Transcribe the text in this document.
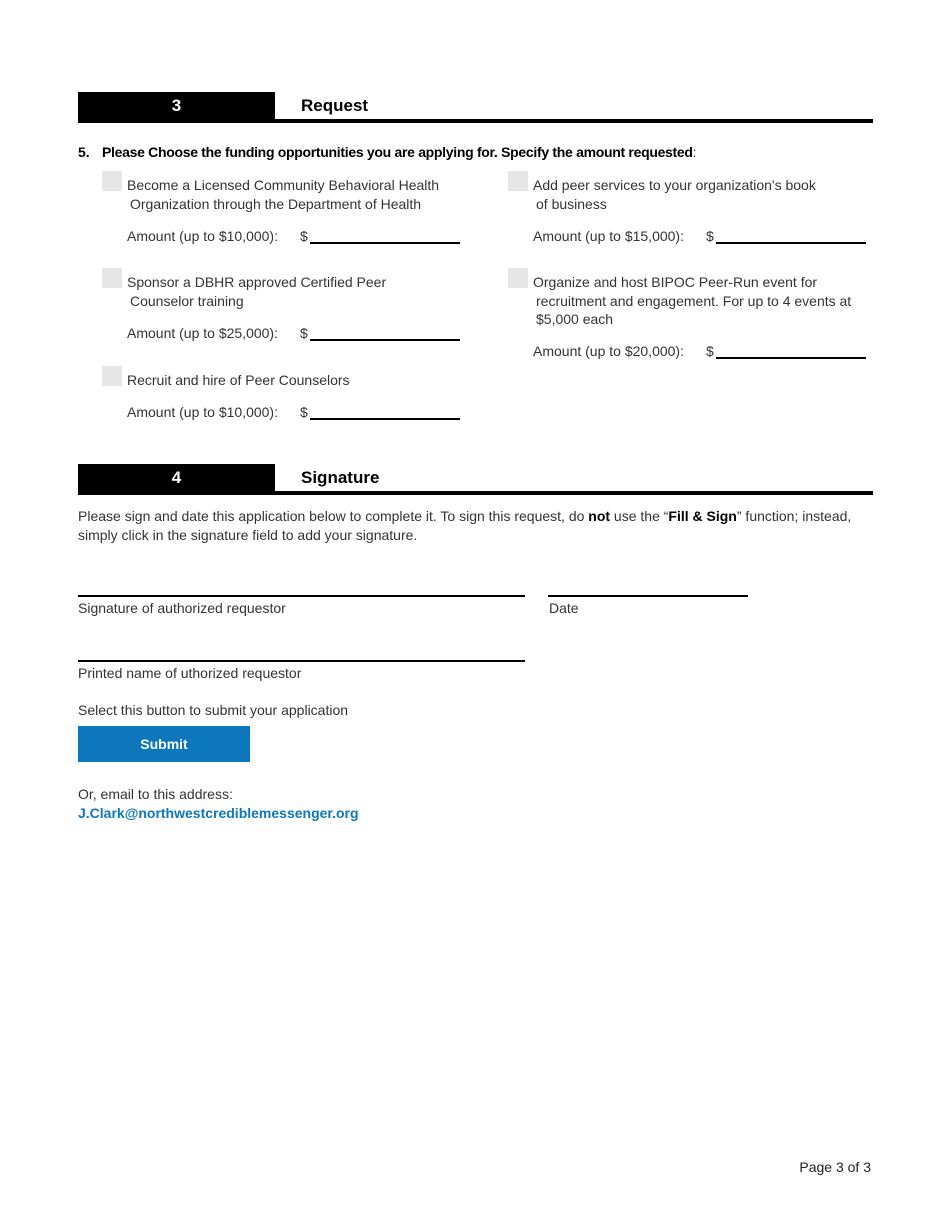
3	Request
5. Please Choose the funding opportunities you are applying for. Specify the amount requested:
Become a Licensed Community Behavioral Health
Organization through the Department of Health
Amount (up to $10,000): $
Add peer services to your organization's book
of business
Amount (up to $15,000): $
Sponsor a DBHR approved Certified Peer
Counselor training
Amount (up to $25,000): $
Organize and host BIPOC Peer-Run event for
recruitment and engagement. For up to 4 events at
$5,000 each
Amount (up to $20,000): $
Recruit and hire of Peer Counselors
Amount (up to $10,000): $
4	Signature
Please sign and date this application below to complete it. To sign this request, do not use the “Fill & Sign” function; instead, simply click in the signature field to add your signature.
Signature of authorized requestor	Date
Printed name of uthorized requestor
Select this button to submit your application
Submit
Or, email to this address:
J.Clark@northwestcrediblemessenger.org
Page 3 of 3
